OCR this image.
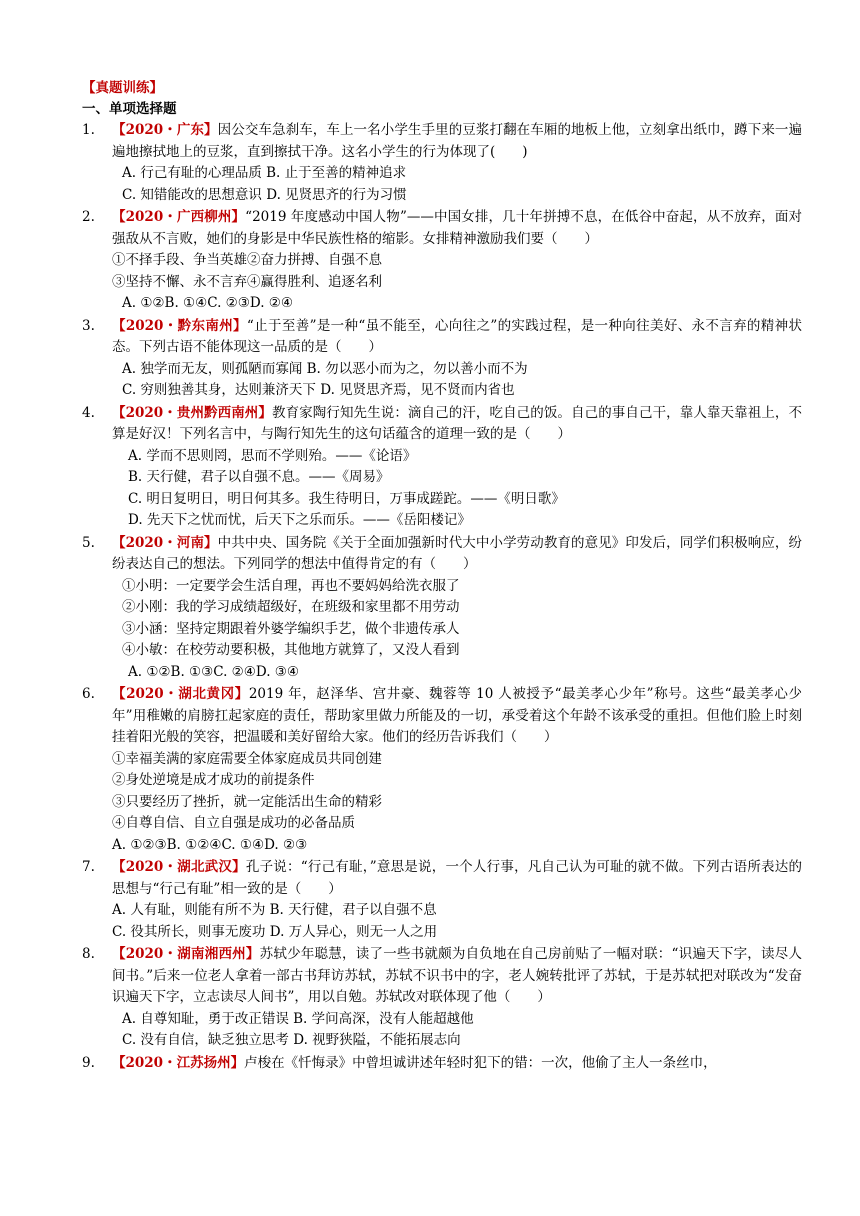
【真题训练】
一、单项选择题
1.	【2020・广东】因公交车急刹车，车上一名小学生手里的豆浆打翻在车厢的地板上他，立刻拿出纸巾，蹲下来一遍遍地擦拭地上的豆浆，直到擦拭干净。这名小学生的行为体现了(　　)
A. 行己有耻的心理品质 B. 止于至善的精神追求
C. 知错能改的思想意识 D. 见贤思齐的行为习惯
2.	【2020・广西柳州】“2019 年度感动中国人物”——中国女排，几十年拼搏不息，在低谷中奋起，从不放弃，面对强敌从不言败，她们的身影是中华民族性格的缩影。女排精神激励我们要（　　）
①不择手段、争当英雄②奋力拼搏、自强不息
③坚持不懈、永不言弃④赢得胜利、追逐名利
A. ①②B. ①④C. ②③D. ②④
3.	【2020・黔东南州】“止于至善”是一种“虽不能至，心向往之”的实践过程，是一种向往美好、永不言弃的精神状态。下列古语不能体现这一品质的是（　　）
A. 独学而无友，则孤陋而寡闻 B. 勿以恶小而为之，勿以善小而不为
C. 穷则独善其身，达则兼济天下 D. 见贤思齐焉，见不贤而内省也
4.	【2020・贵州黔西南州】教育家陶行知先生说：滴自己的汗，吃自己的饭。自己的事自己干，靠人靠天靠祖上，不算是好汉！下列名言中，与陶行知先生的这句话蕴含的道理一致的是（　　）
A. 学而不思则罔，思而不学则殆。——《论语》
B. 天行健，君子以自强不息。——《周易》
C. 明日复明日，明日何其多。我生待明日，万事成蹉跎。——《明日歌》
D. 先天下之忧而忧，后天下之乐而乐。——《岳阳楼记》
5.	【2020・河南】中共中央、国务院《关于全面加强新时代大中小学劳动教育的意见》印发后，同学们积极响应，纷纷表达自己的想法。下列同学的想法中值得肯定的有（　　）
①小明：一定要学会生活自理，再也不要妈妈给洗衣服了
②小刚：我的学习成绩超级好，在班级和家里都不用劳动
③小涵：坚持定期跟着外婆学编织手艺，做个非遗传承人
④小敏：在校劳动要积极，其他地方就算了，又没人看到
A. ①②B. ①③C. ②④D. ③④
6.	【2020・湖北黄冈】2019 年，赵泽华、宫井豪、魏蓉等 10 人被授予“最美孝心少年”称号。这些“最美孝心少年”用稚嫩的肩膀扛起家庭的责任，帮助家里做力所能及的一切，承受着这个年龄不该承受的重担。但他们脸上时刻挂着阳光般的笑容，把温暖和美好留给大家。他们的经历告诉我们（　　）
①幸福美满的家庭需要全体家庭成员共同创建
②身处逆境是成才成功的前提条件
③只要经历了挫折，就一定能活出生命的精彩
④自尊自信、自立自强是成功的必备品质
A. ①②③B. ①②④C. ①④D. ②③
7.	【2020・湖北武汉】孔子说：“行己有耻，”意思是说，一个人行事，凡自己认为可耻的就不做。下列古语所表达的思想与“行己有耻”相一致的是（　　）
A. 人有耻，则能有所不为 B. 天行健，君子以自强不息
C. 役其所长，则事无废功 D. 万人异心，则无一人之用
8.	【2020・湖南湘西州】苏轼少年聪慧，读了一些书就颇为自负地在自己房前贴了一幅对联：“识遍天下字，读尽人间书。”后来一位老人拿着一部古书拜访苏轼，苏轼不识书中的字，老人婉转批评了苏轼，于是苏轼把对联改为“发奋识遍天下字，立志读尽人间书”，用以自勉。苏轼改对联体现了他（　　）
A. 自尊知耻，勇于改正错误 B. 学问高深，没有人能超越他
C. 没有自信，缺乏独立思考 D. 视野狭隘，不能拓展志向
9.	【2020・江苏扬州】卢梭在《忏悔录》中曾坦诚讲述年轻时犯下的错：一次，他偷了主人一条丝巾，
